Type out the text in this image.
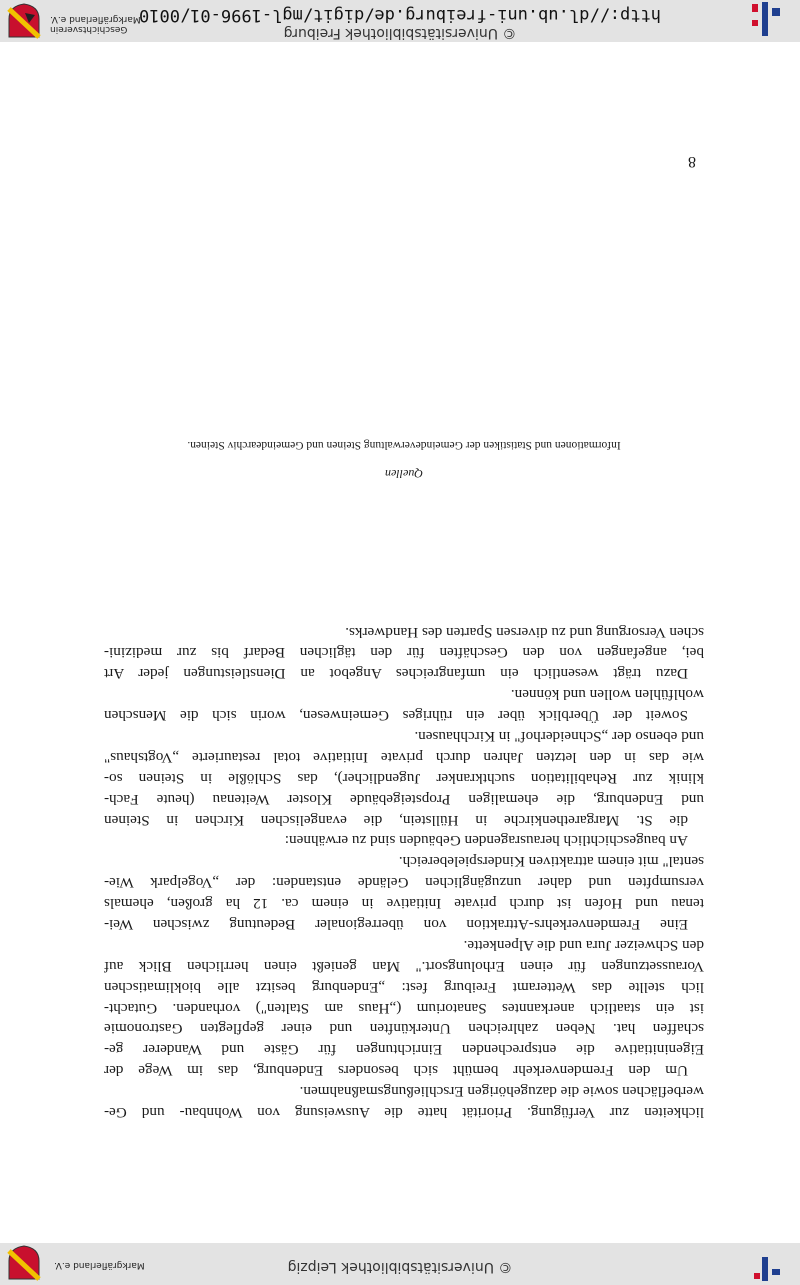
© Universitätsbibliothek Leipzig
Markgräflerland e.V.
lichkeiten zur Verfügung. Priorität hatte die Ausweisung von Wohnbau- und Ge-
werbeflächen sowie die dazugehörigen Erschließungsmaßnahmen.
Um den Fremdenverkehr bemüht sich besonders Endenburg, das im Wege der
Eigeninitiative die entsprechenden Einrichtungen für Gäste und Wanderer ge-
schaffen hat. Neben zahlreichen Unterkünften und einer gepflegten Gastronomie
ist ein staatlich anerkanntes Sanatorium („Haus am Stalten") vorhanden. Gutacht-
lich stellte das Wetteramt Freiburg fest: „Endenburg besitzt alle bioklimatischen
Voraussetzungen für einen Erholungsort." Man genießt einen herrlichen Blick auf
den Schweizer Jura und die Alpenkette.
Eine Fremdenverkehrs-Attraktion von überregionaler Bedeutung zwischen Wei-
tenau und Hofen ist durch private Initiative in einem ca. 12 ha großen, ehemals
versumpften und daher unzugänglichen Gelände entstanden: der „Vogelpark Wie-
sental" mit einem attraktiven Kinderspielebereich.
An baugeschichtlich herausragenden Gebäuden sind zu erwähnen:
die St. Margarethenkirche in Hüllstein, die evangelischen Kirchen in Steinen
und Endenburg, die ehemaligen Propsteigebäude Kloster Weitenau (heute Fach-
klinik zur Rehabilitation suchtkranker Jugendlicher), das Schlößle in Steinen so-
wie das in den letzten Jahren durch private Initiative total restaurierte „Vogtshaus"
und ebenso der „Schneiderhof" in Kirchhausen.
Soweit der Überblick über ein rühriges Gemeinwesen, worin sich die Menschen
wohlfühlen wollen und können.
Dazu trägt wesentlich ein umfangreiches Angebot an Dienstleistungen jeder Art
bei, angefangen von den Geschäften für den täglichen Bedarf bis zur medizini-
schen Versorgung und zu diversen Sparten des Handwerks.
Quellen
Informationen und Statistiken der Gemeindeverwaltung Steinen und Gemeindearchiv Steinen.
8
© Universitätsbibliothek Freiburg
http://dl.ub.uni-freiburg.de/digit/mgl-1996-01/0010
Geschichtsverein
Markgräflerland e.V.
